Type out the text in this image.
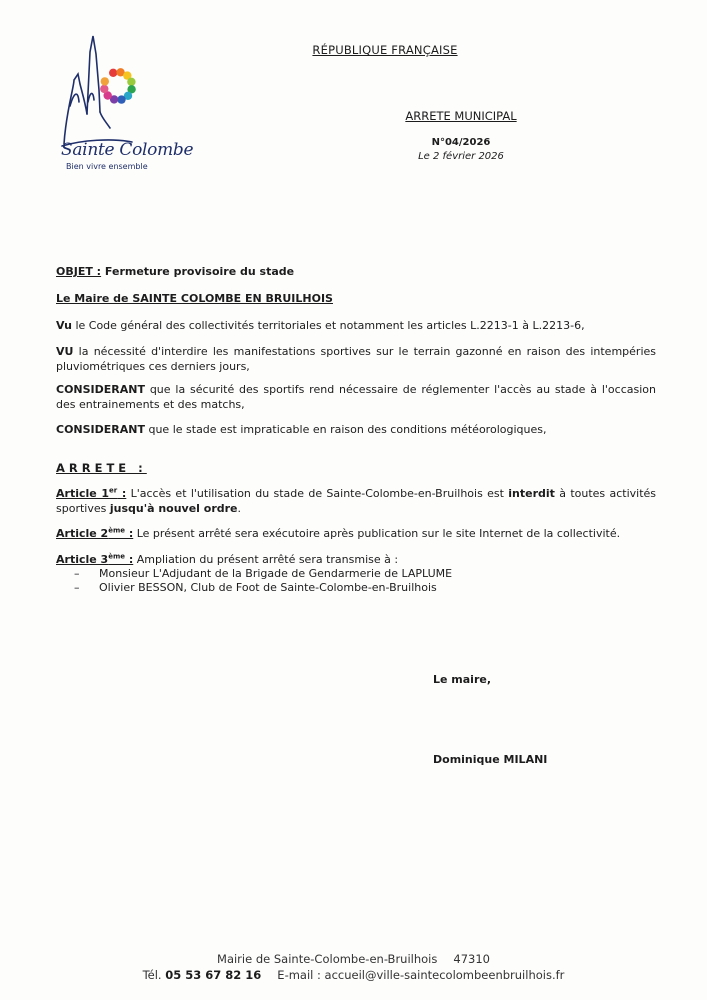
Sainte Colombe
Bien vivre ensemble
RÉPUBLIQUE FRANÇAISE
ARRETE MUNICIPAL
N°04/2026
Le 2 février 2026
OBJET : Fermeture provisoire du stade
Le Maire de SAINTE COLOMBE EN BRUILHOIS
Vu le Code général des collectivités territoriales et notamment les articles L.2213-1 à L.2213-6,
VU la nécessité d'interdire les manifestations sportives sur le terrain gazonné en raison des intempéries pluviométriques ces derniers jours,
CONSIDERANT que la sécurité des sportifs rend nécessaire de réglementer l'accès au stade à l'occasion des entrainements et des matchs,
CONSIDERANT que le stade est impraticable en raison des conditions météorologiques,
ARRETE :
Article 1er : L'accès et l'utilisation du stade de Sainte-Colombe-en-Bruilhois est interdit à toutes activités sportives jusqu'à nouvel ordre.
Article 2ème : Le présent arrêté sera exécutoire après publication sur le site Internet de la collectivité.
Article 3ème : Ampliation du présent arrêté sera transmise à :
– Monsieur L'Adjudant de la Brigade de Gendarmerie de LAPLUME
– Olivier BESSON, Club de Foot de Sainte-Colombe-en-Bruilhois
Le maire,
Dominique MILANI
Mairie de Sainte-Colombe-en-Bruilhois 47310
Tél. 05 53 67 82 16 E-mail : accueil@ville-saintecolombeenbruilhois.fr
